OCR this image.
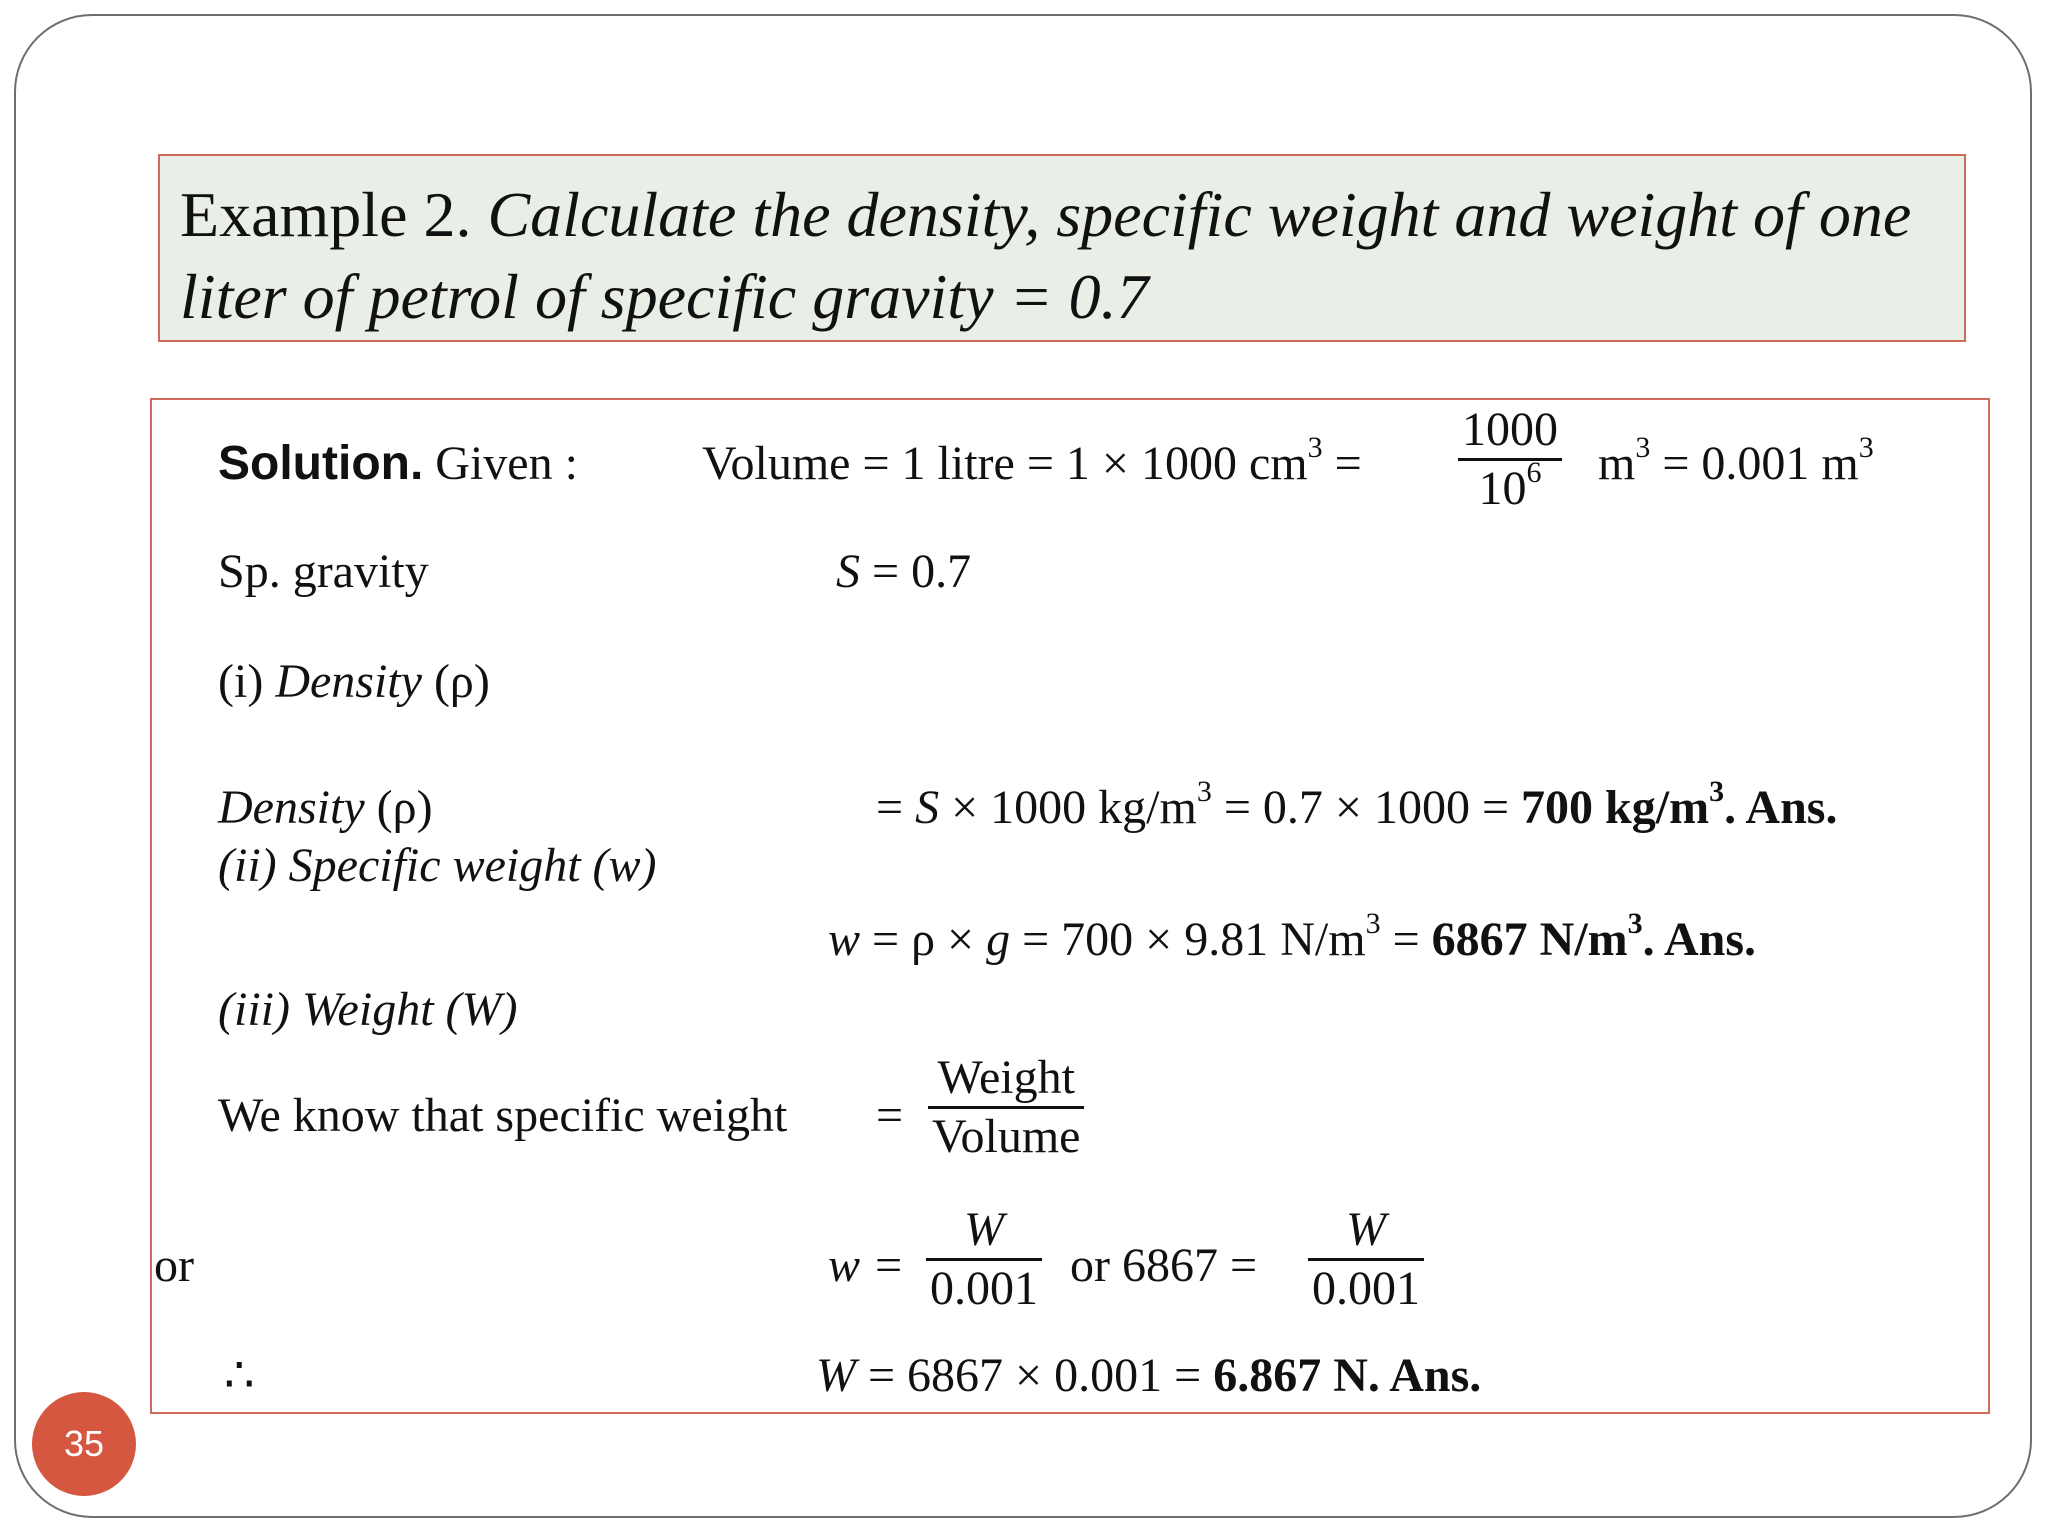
Example 2. Calculate the density, specific weight and weight of one liter of petrol of specific gravity = 0.7
Solution. Given :	Volume = 1 litre = 1 × 1000 $cm^3$ =
1000
$10^6$ $m^3 = 0.001$ $m^3$
Sp. gravity	S = 0.7
(i) Density (ρ)
Density (ρ)	= S × 1000 $kg/m^3 = 0.7 \times 1000 = 700$ $kg/m^3$. Ans.
(ii) Specific weight (w)
w = ρ × g = 700 × 9.81 $N/m^3 = 6867$ $N/m^3$. Ans.
(iii) Weight (W)
We know that specific weight =
Weight
Volume
or	w =
W
0.001 or 6867 =
W
0.001
∴	W = 6867 × 0.001 = 6.867 N. Ans.
35
